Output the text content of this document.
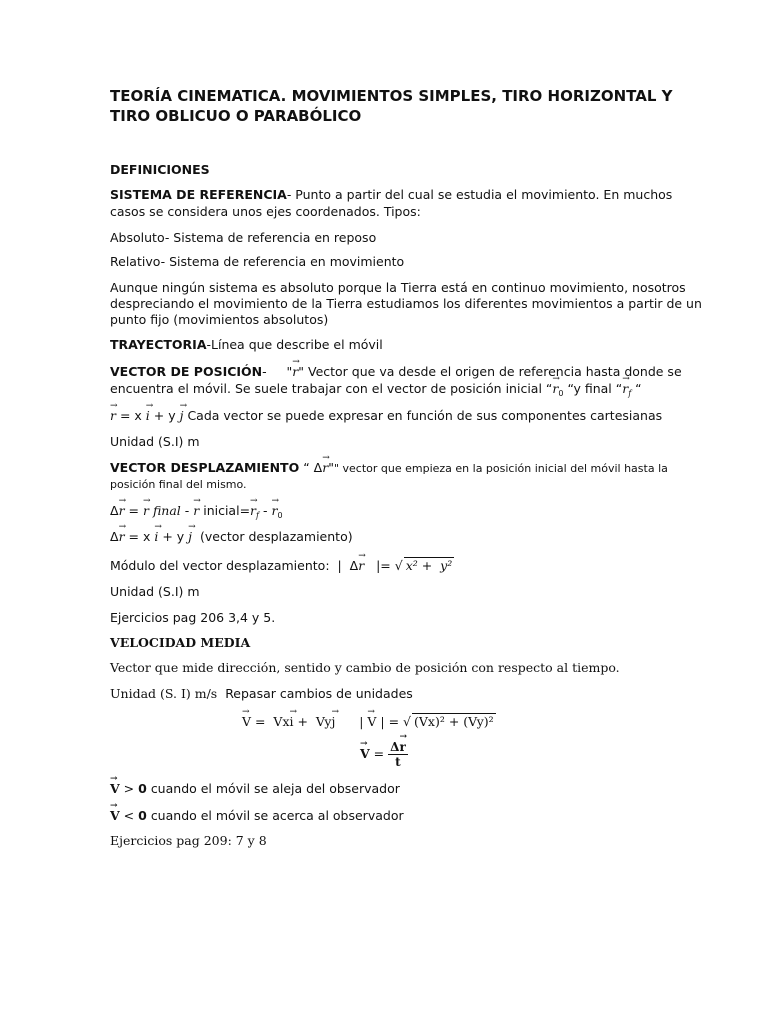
TEORÍA CINEMATICA. MOVIMIENTOS SIMPLES, TIRO HORIZONTAL Y
TIRO OBLICUO O PARABÓLICO
DEFINICIONES
SISTEMA DE REFERENCIA- Punto a partir del cual se estudia el movimiento. En muchos
casos se considera unos ejes coordenados. Tipos:
Absoluto- Sistema de referencia en reposo
Relativo- Sistema de referencia en movimiento
Aunque ningún sistema es absoluto porque la Tierra está en continuo movimiento, nosotros
despreciando el movimiento de la Tierra estudiamos los diferentes movimientos a partir de un
punto fijo (movimientos absolutos)
TRAYECTORIA-Línea que describe el móvil
VECTOR DE POSICIÓN-     "r →" Vector que va desde el origen de referencia hasta donde se
encuentra el móvil. Se suele trabajar con el vector de posición inicial “$r \to_0$ “y final “$r \to_f$ “
r → = x i → + y j → Cada vector se puede expresar en función de sus componentes cartesianas
Unidad (S.I) m
VECTOR DESPLAZAMIENTO “ Δr →"" vector que empieza en la posición inicial del móvil hasta la
posición final del mismo.
Δr → = r → final - r → inicial=r $\to_f - r \to_0$
Δr → = x i → + y j → (vector desplazamiento)
Módulo del vector desplazamiento:  |  Δr →   |= √ x² +  y²
Unidad (S.I) m
Ejercicios pag 206 3,4 y 5.
VELOCIDAD MEDIA
Vector que mide dirección, sentido y cambio de posición con respecto al tiempo.
Unidad (S. I) m/s Repasar cambios de unidades
V → =  Vxi → +  Vyj →      | V → | = √ (Vx)² + (Vy)²
V → = $\frac{\Delta r \to}{t}$
V → > 0 cuando el móvil se aleja del observador
V → < 0 cuando el móvil se acerca al observador
Ejercicios pag 209: 7 y 8
